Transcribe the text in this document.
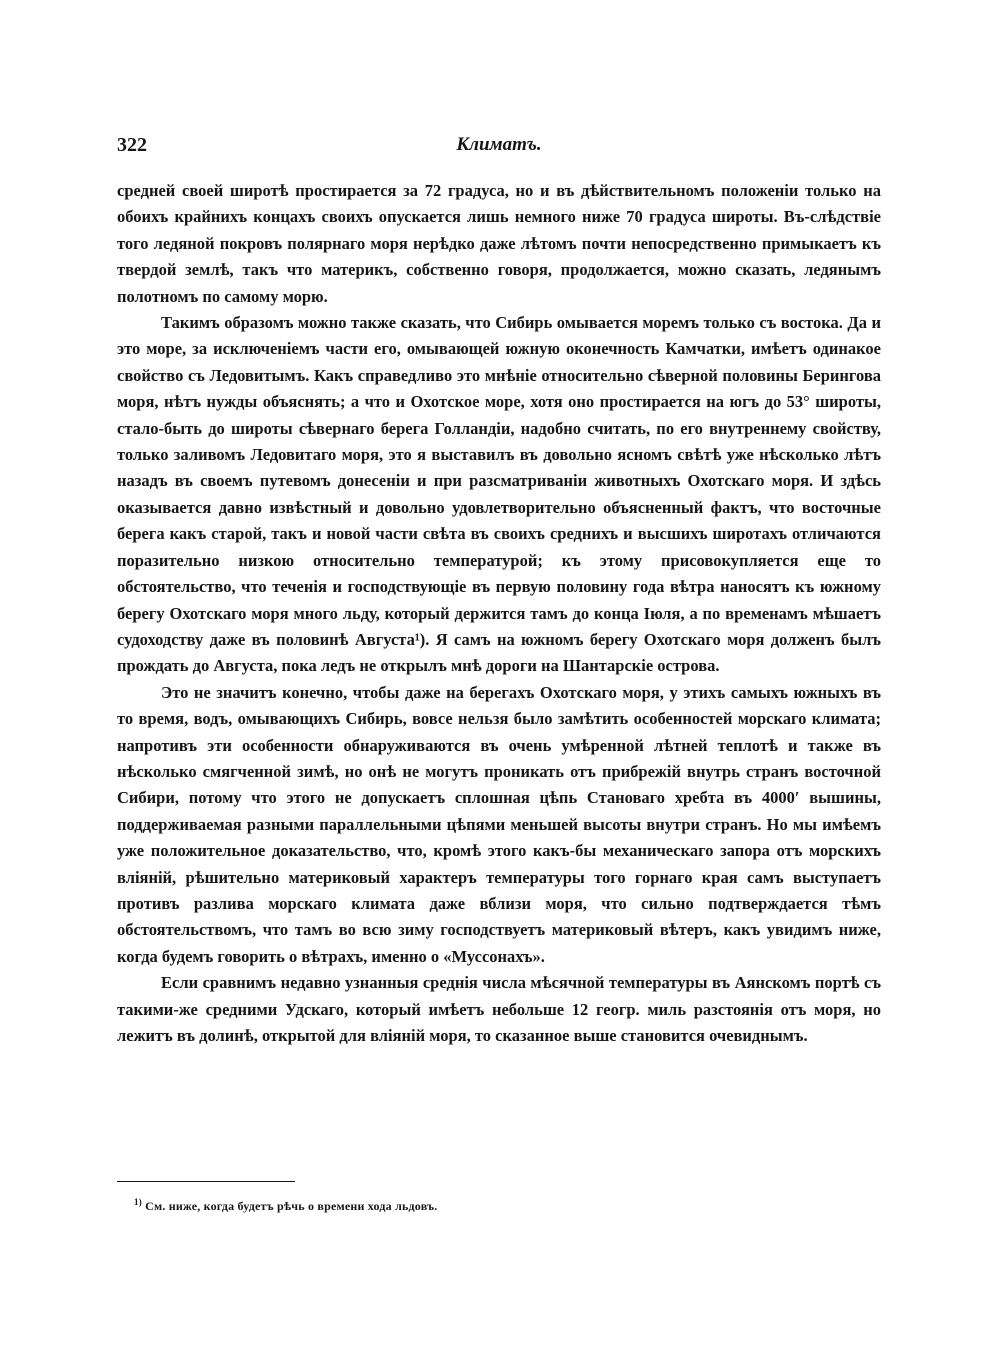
322	Климатъ.

средней своей широтѣ простирается за 72 градуса, но и въ дѣйствительномъ положеніи только на обоихъ крайнихъ концахъ своихъ опускается лишь немного ниже 70 градуса широты. Въ-слѣдствіе того ледяной покровъ полярнаго моря нерѣдко даже лѣтомъ почти непосредственно примыкаетъ къ твердой землѣ, такъ что материкъ, собственно говоря, продолжается, можно сказать, ледянымъ полотномъ по самому морю.

Такимъ образомъ можно также сказать, что Сибирь омывается моремъ только съ востока. Да и это море, за исключеніемъ части его, омывающей южную оконечность Камчатки, имѣетъ одинакое свойство съ Ледовитымъ. Какъ справедливо это мнѣніе относительно сѣверной половины Берингова моря, нѣтъ нужды объяснять; а что и Охотское море, хотя оно простирается на югъ до 53° широты, стало-быть до широты сѣвернаго берега Голландіи, надобно считать, по его внутреннему свойству, только заливомъ Ледовитаго моря, это я выставилъ въ довольно ясномъ свѣтѣ уже нѣсколько лѣтъ назадъ въ своемъ путевомъ донесеніи и при разсматриваніи животныхъ Охотскаго моря. И здѣсь оказывается давно извѣстный и довольно удовлетворительно объясненный фактъ, что восточные берега какъ старой, такъ и новой части свѣта въ своихъ среднихъ и высшихъ широтахъ отличаются поразительно низкою относительно температурой; къ этому присовокупляется еще то обстоятельство, что теченія и господствующіе въ первую половину года вѣтра наносятъ къ южному берегу Охотскаго моря много льду, который держится тамъ до конца Іюля, а по временамъ мѣшаетъ судоходству даже въ половинѣ Августа¹). Я самъ на южномъ берегу Охотскаго моря долженъ былъ прождать до Августа, пока ледъ не открылъ мнѣ дороги на Шантарскіе острова.

Это не значитъ конечно, чтобы даже на берегахъ Охотскаго моря, у этихъ самыхъ южныхъ въ то время, водъ, омывающихъ Сибирь, вовсе нельзя было замѣтить особенностей морскаго климата; напротивъ эти особенности обнаруживаются въ очень умѣренной лѣтней теплотѣ и также въ нѣсколько смягченной зимѣ, но онѣ не могутъ проникать отъ прибрежій внутрь странъ восточной Сибири, потому что этого не допускаетъ сплошная цѣпь Становаго хребта въ 4000′ вышины, поддерживаемая разными параллельными цѣпями меньшей высоты внутри странъ. Но мы имѣемъ уже положительное доказательство, что, кромѣ этого какъ-бы механическаго запора отъ морскихъ вліяній, рѣшительно материковый характеръ температуры того горнаго края самъ выступаетъ противъ разлива морскаго климата даже вблизи моря, что сильно подтверждается тѣмъ обстоятельствомъ, что тамъ во всю зиму господствуетъ материковый вѣтеръ, какъ увидимъ ниже, когда будемъ говорить о вѣтрахъ, именно о «Муссонахъ».

Если сравнимъ недавно узнанныя среднія числа мѣсячной температуры въ Аянскомъ портѣ съ такими-же средними Удскаго, который имѣетъ небольше 12 геогр. миль разстоянія отъ моря, но лежитъ въ долинѣ, открытой для вліяній моря, то сказанное выше становится очевиднымъ.

$^{1)}$ См. ниже, когда будетъ рѣчь о времени хода льдовъ.
